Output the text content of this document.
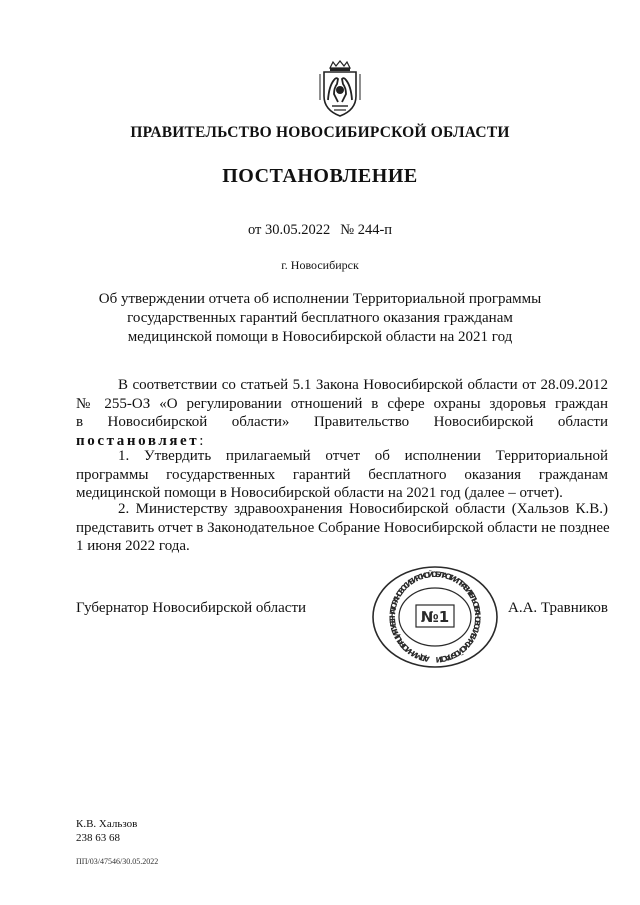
ПРАВИТЕЛЬСТВО НОВОСИБИРСКОЙ ОБЛАСТИ
ПОСТАНОВЛЕНИЕ
от 30.05.2022 № 244-п
г. Новосибирск
Об утверждении отчета об исполнении Территориальной программы
государственных гарантий бесплатного оказания гражданам
медицинской помощи в Новосибирской области на 2021 год
В соответствии со статьей 5.1 Закона Новосибирской области от 28.09.2012
№ 255-ОЗ «О регулировании отношений в сфере охраны здоровья граждан
в Новосибирской области» Правительство Новосибирской области
постановляет:
1. Утвердить прилагаемый отчет об исполнении Территориальной
программы государственных гарантий бесплатного оказания гражданам
медицинской помощи в Новосибирской области на 2021 год (далее – отчет).
2. Министерству здравоохранения Новосибирской области (Хальзов К.В.)
представить отчет в Законодательное Собрание Новосибирской области не позднее
1 июня 2022 года.
Губернатор Новосибирской области	А.А. Травников
АДМИНИСТРАЦИЯ ГУБЕРНАТОРА НОВОСИБИРСКОЙ ОБЛАСТИ И ПРАВИТЕЛЬСТВА НОВОСИБИРСКОЙ ОБЛАСТИ
№1
К.В. Хальзов
238 63 68
ПП/03/47546/30.05.2022
